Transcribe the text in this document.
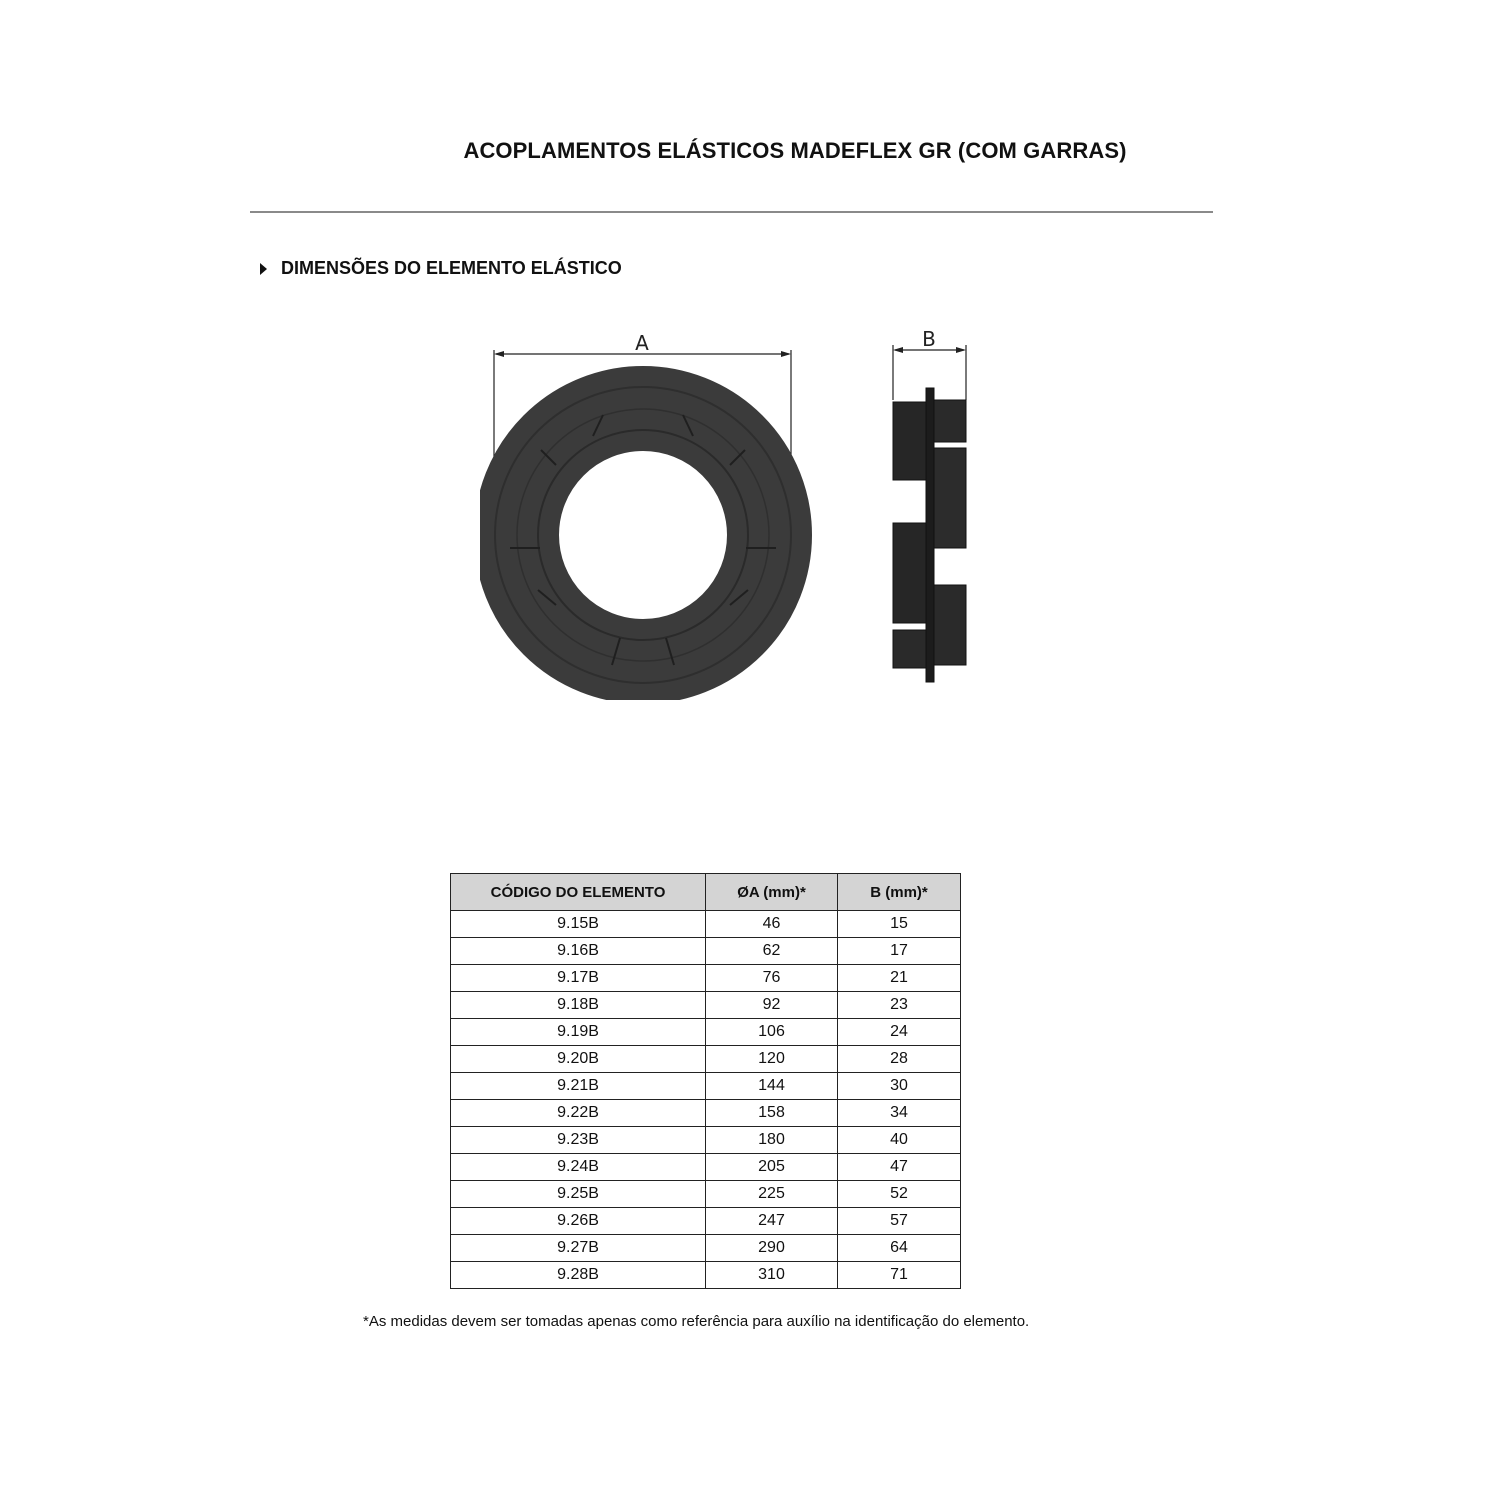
ACOPLAMENTOS ELÁSTICOS MADEFLEX GR (COM GARRAS)
DIMENSÕES DO ELEMENTO ELÁSTICO
A	B
CÓDIGO DO ELEMENTO	ØA (mm)*	B (mm)*
9.15B	46	15
9.16B	62	17
9.17B	76	21
9.18B	92	23
9.19B	106	24
9.20B	120	28
9.21B	144	30
9.22B	158	34
9.23B	180	40
9.24B	205	47
9.25B	225	52
9.26B	247	57
9.27B	290	64
9.28B	310	71
*As medidas devem ser tomadas apenas como referência para auxílio na identificação do elemento.
